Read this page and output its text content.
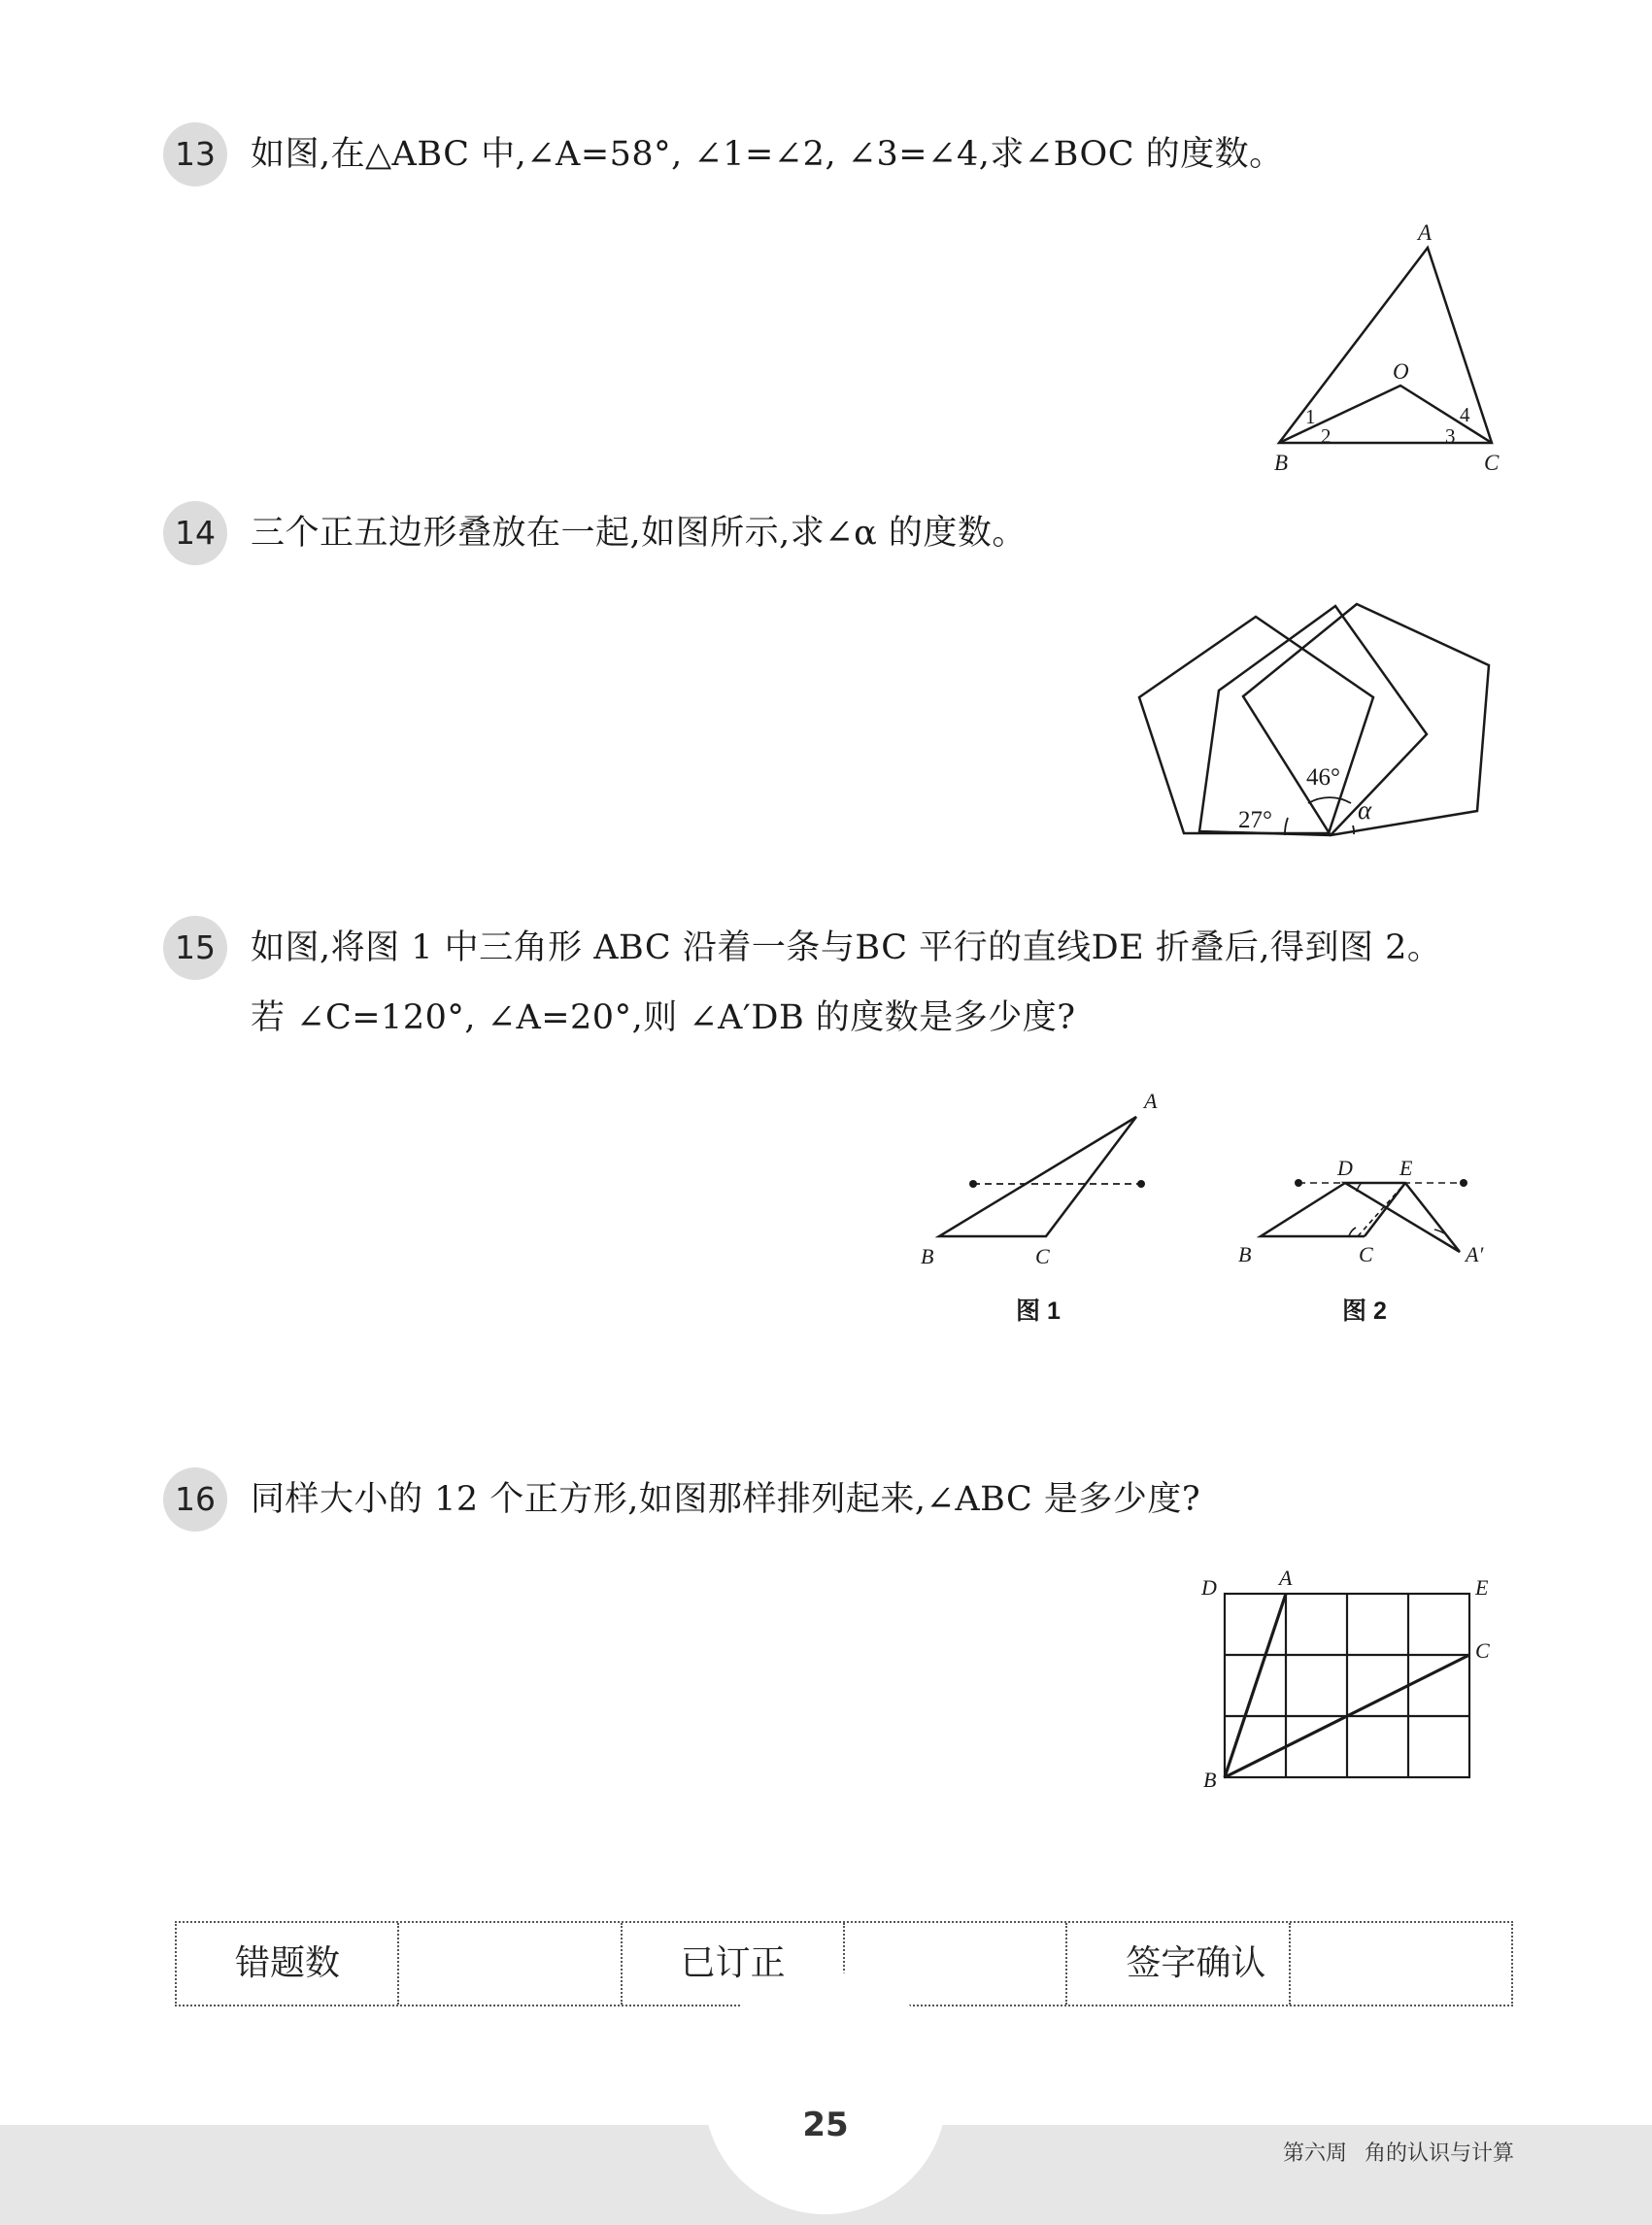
13	如图,在△ABC 中,∠A=58°, ∠1=∠2, ∠3=∠4,求∠BOC 的度数。
A
O
B	C
1
2	3
4
14	三个正五边形叠放在一起,如图所示,求∠α 的度数。
46°
27°	α
15	如图,将图 1 中三角形 ABC 沿着一条与BC 平行的直线DE 折叠后,得到图 2。
若 ∠C=120°, ∠A=20°,则 ∠A′DB 的度数是多少度?
A
B	C
图 1
D E
B	C	A′
图 2
16	同样大小的 12 个正方形,如图那样排列起来,∠ABC 是多少度?
D	A	E
C
B
错题数	已订正	签字确认
25
第六周 角的认识与计算
